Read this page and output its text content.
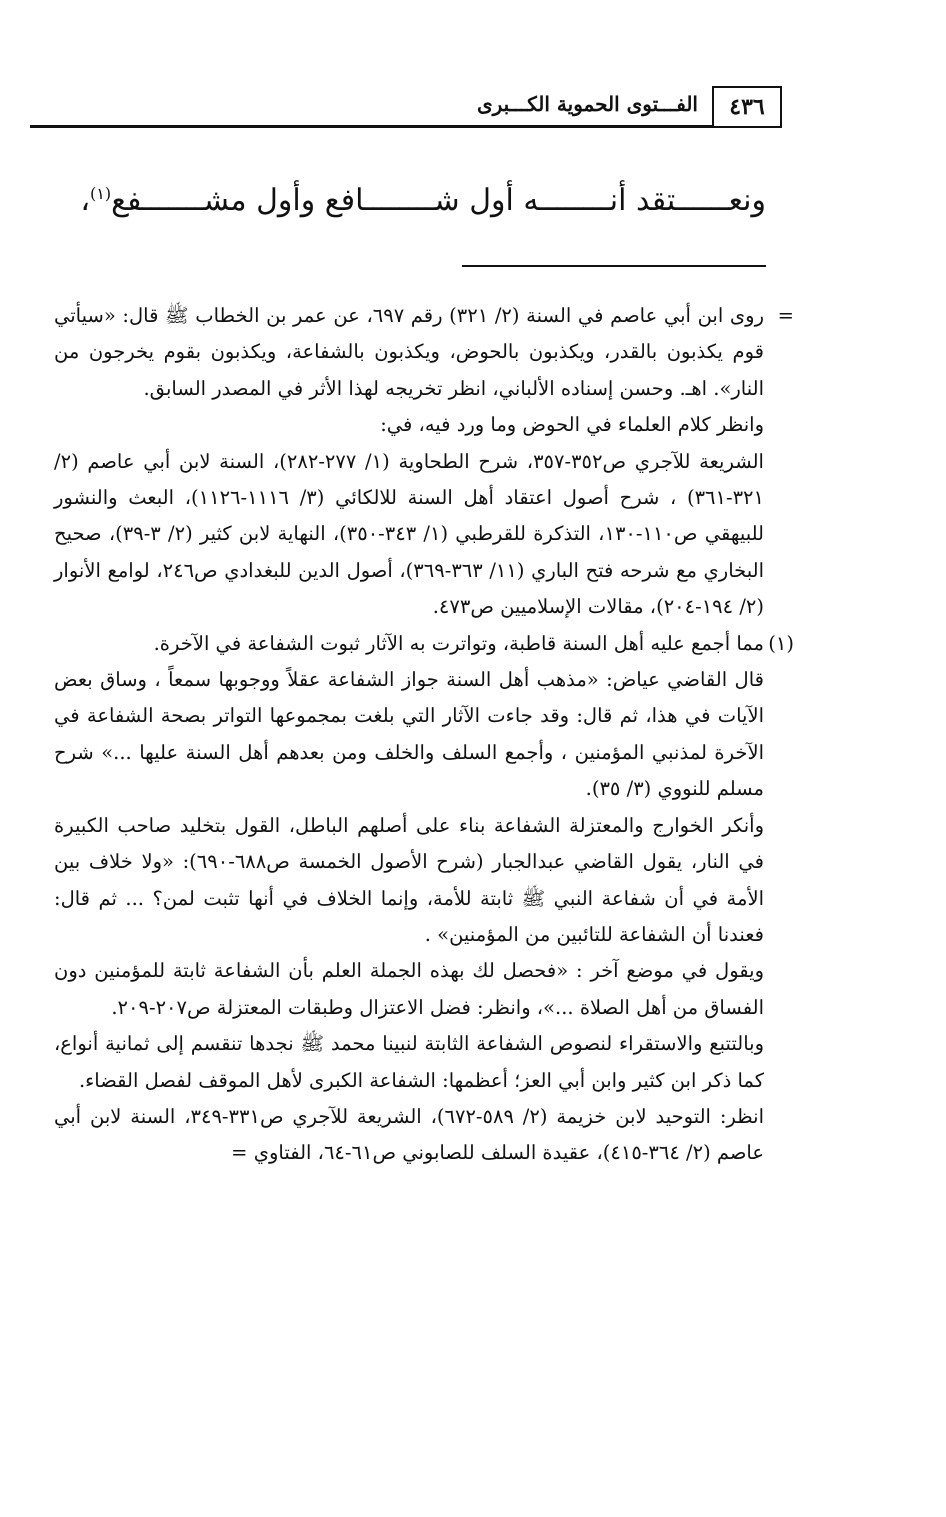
٤٣٦
الفـــتوى الحموية الكـــبرى
ونعــــــتقد أنــــــــه أول شــــــــافع وأول مشـــــــفع$^{(١)}$،
=
روى ابن أبي عاصم في السنة (٢/ ٣٢١) رقم ٦٩٧، عن عمر بن الخطاب ﷺ قال: «سيأتي قوم يكذبون بالقدر، ويكذبون بالحوض، ويكذبون بالشفاعة، ويكذبون بقوم يخرجون من النار». اهـ. وحسن إسناده الألباني، انظر تخريجه لهذا الأثر في المصدر السابق.
وانظر كلام العلماء في الحوض وما ورد فيه، في:
الشريعة للآجري ص٣٥٢-٣٥٧، شرح الطحاوية (١/ ٢٧٧-٢٨٢)، السنة لابن أبي عاصم (٢/ ٣٢١-٣٦١) ، شرح أصول اعتقاد أهل السنة للالكائي (٣/ ١١١٦-١١٢٦)، البعث والنشور للبيهقي ص١١٠-١٣٠، التذكرة للقرطبي (١/ ٣٤٣-٣٥٠)، النهاية لابن كثير (٢/ ٣-٣٩)، صحيح البخاري مع شرحه فتح الباري (١١/ ٣٦٣-٣٦٩)، أصول الدين للبغدادي ص٢٤٦، لوامع الأنوار (٢/ ١٩٤-٢٠٤)، مقالات الإسلاميين ص٤٧٣.
(١)
مما أجمع عليه أهل السنة قاطبة، وتواترت به الآثار ثبوت الشفاعة في الآخرة.
قال القاضي عياض: «مذهب أهل السنة جواز الشفاعة عقلاً ووجوبها سمعاً ، وساق بعض الآيات في هذا، ثم قال: وقد جاءت الآثار التي بلغت بمجموعها التواتر بصحة الشفاعة في الآخرة لمذنبي المؤمنين ، وأجمع السلف والخلف ومن بعدهم أهل السنة عليها ...» شرح مسلم للنووي (٣/ ٣٥).
وأنكر الخوارج والمعتزلة الشفاعة بناء على أصلهم الباطل، القول بتخليد صاحب الكبيرة في النار، يقول القاضي عبدالجبار (شرح الأصول الخمسة ص٦٨٨-٦٩٠): «ولا خلاف بين الأمة في أن شفاعة النبي ﷺ ثابتة للأمة، وإنما الخلاف في أنها تثبت لمن؟ ... ثم قال: فعندنا أن الشفاعة للتائبين من المؤمنين» .
ويقول في موضع آخر : «فحصل لك بهذه الجملة العلم بأن الشفاعة ثابتة للمؤمنين دون الفساق من أهل الصلاة ...»، وانظر: فضل الاعتزال وطبقات المعتزلة ص٢٠٧-٢٠٩.
وبالتتبع والاستقراء لنصوص الشفاعة الثابتة لنبينا محمد ﷺ نجدها تنقسم إلى ثمانية أنواع، كما ذكر ابن كثير وابن أبي العز؛ أعظمها: الشفاعة الكبرى لأهل الموقف لفصل القضاء.
انظر: التوحيد لابن خزيمة (٢/ ٥٨٩-٦٧٢)، الشريعة للآجري ص٣٣١-٣٤٩، السنة لابن أبي عاصم (٢/ ٣٦٤-٤١٥)، عقيدة السلف للصابوني ص٦١-٦٤، الفتاوي =
